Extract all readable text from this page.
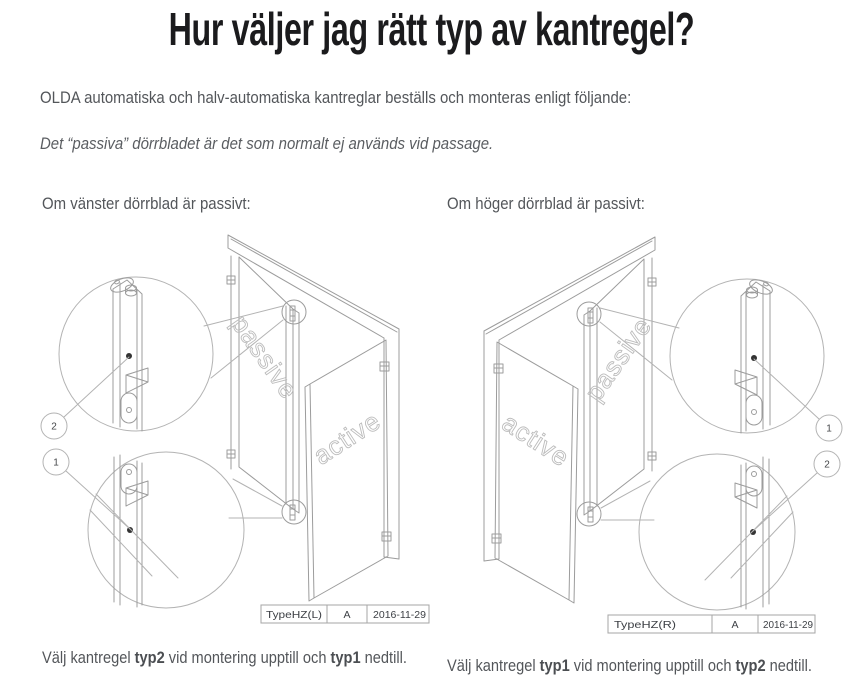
Hur väljer jag rätt typ av kantregel?

OLDA automatiska och halv-automatiska kantreglar beställs och monteras enligt följande:

Det “passiva” dörrbladet är det som normalt ej används vid passage.

Om vänster dörrblad är passivt:	Om höger dörrblad är passivt:

passive
active
2
1
TypeHZ(L) A 2016-11-29
passive
active	1
2
TypeHZ(R)	A 2016-11-29

Välj kantregel typ2 vid montering upptill och typ1 nedtill.	Välj kantregel typ1 vid montering upptill och typ2 nedtill.
